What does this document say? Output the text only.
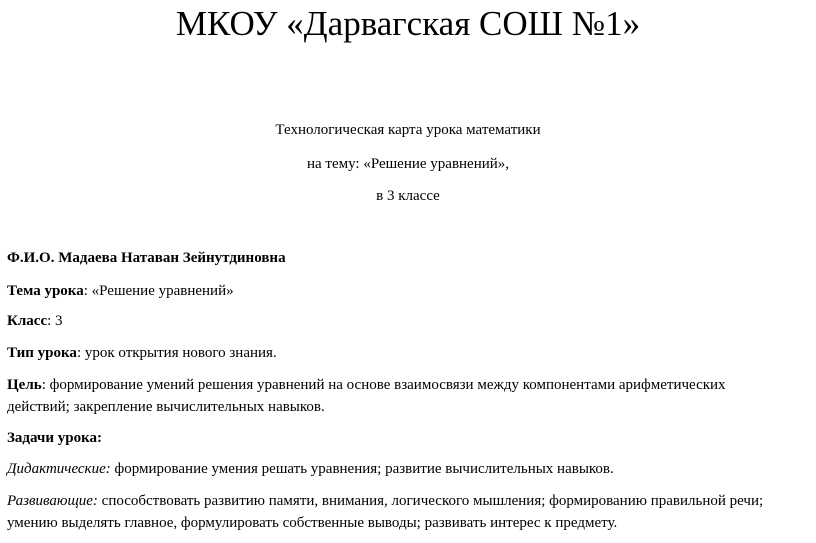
МКОУ «Дарвагская СОШ №1»

Технологическая карта урока математики

на тему: «Решение уравнений»,

в 3 классе

Ф.И.О. Мадаева Натаван Зейнутдиновна

Тема урока: «Решение уравнений»

Класс: 3

Тип урока: урок открытия нового знания.

Цель: формирование умений решения уравнений на основе взаимосвязи между компонентами арифметических

действий; закрепление вычислительных навыков.

Задачи урока:

Дидактические: формирование умения решать уравнения; развитие вычислительных навыков.

Развивающие: способствовать развитию памяти, внимания, логического мышления; формированию правильной речи;

умению выделять главное, формулировать собственные выводы; развивать интерес к предмету.
